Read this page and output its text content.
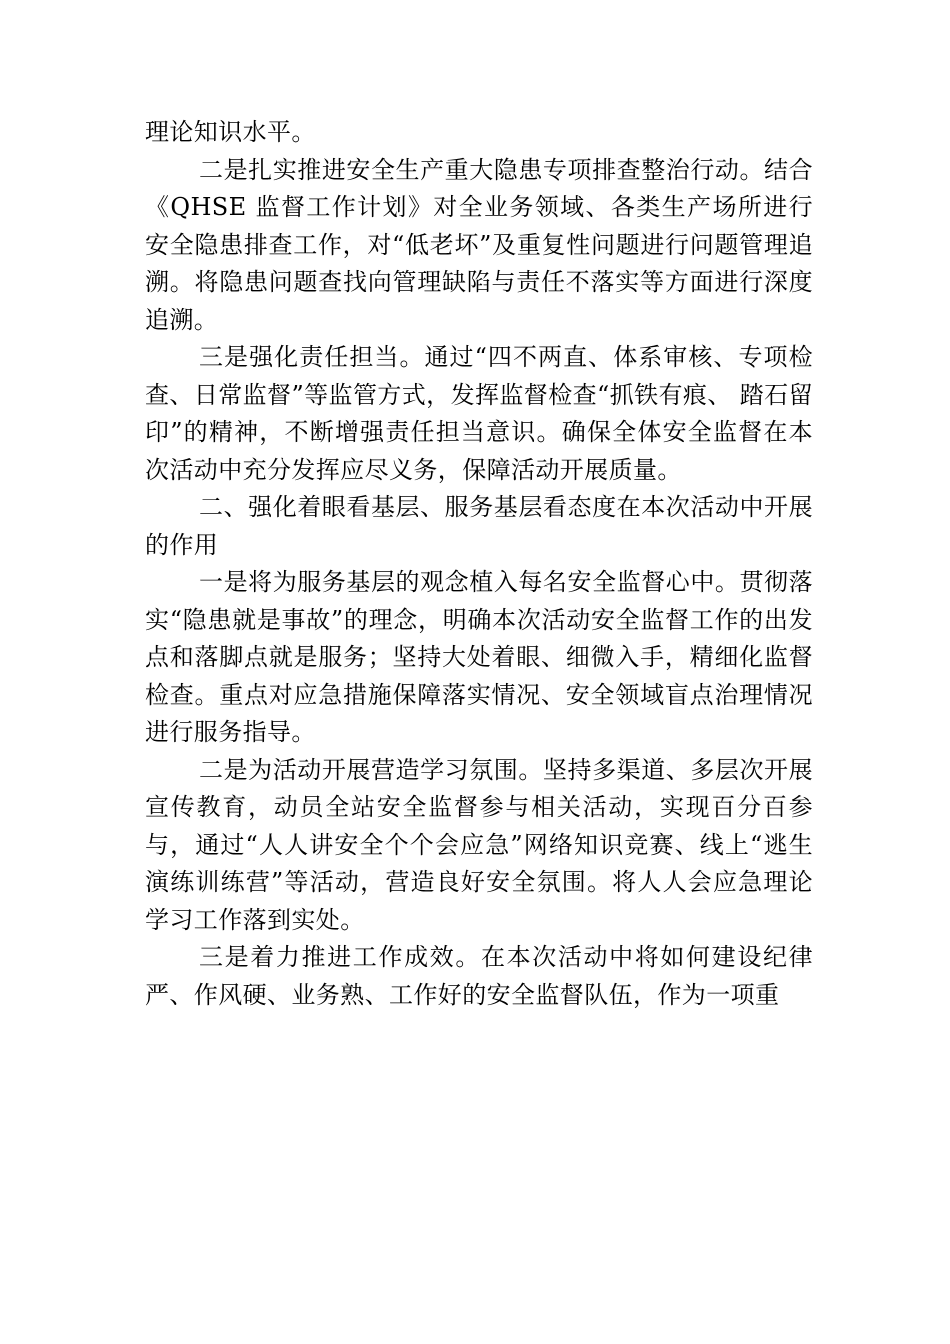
理论知识水平。

二是扎实推进安全生产重大隐患专项排查整治行动。结合《QHSE 监督工作计划》对全业务领域、各类生产场所进行安全隐患排查工作，对“低老坏”及重复性问题进行问题管理追溯。将隐患问题查找向管理缺陷与责任不落实等方面进行深度追溯。

三是强化责任担当。通过“四不两直、体系审核、专项检查、日常监督”等监管方式，发挥监督检查“抓铁有痕、 踏石留印”的精神，不断增强责任担当意识。确保全体安全监督在本次活动中充分发挥应尽义务，保障活动开展质量。

二、强化着眼看基层、服务基层看态度在本次活动中开展的作用

一是将为服务基层的观念植入每名安全监督心中。贯彻落实“隐患就是事故”的理念，明确本次活动安全监督工作的出发点和落脚点就是服务；坚持大处着眼、细微入手，精细化监督检查。重点对应急措施保障落实情况、安全领域盲点治理情况进行服务指导。

二是为活动开展营造学习氛围。坚持多渠道、多层次开展宣传教育，动员全站安全监督参与相关活动，实现百分百参与，通过“人人讲安全个个会应急”网络知识竞赛、线上“逃生演练训练营”等活动，营造良好安全氛围。将人人会应急理论学习工作落到实处。

三是着力推进工作成效。在本次活动中将如何建设纪律严、作风硬、业务熟、工作好的安全监督队伍，作为一项重
